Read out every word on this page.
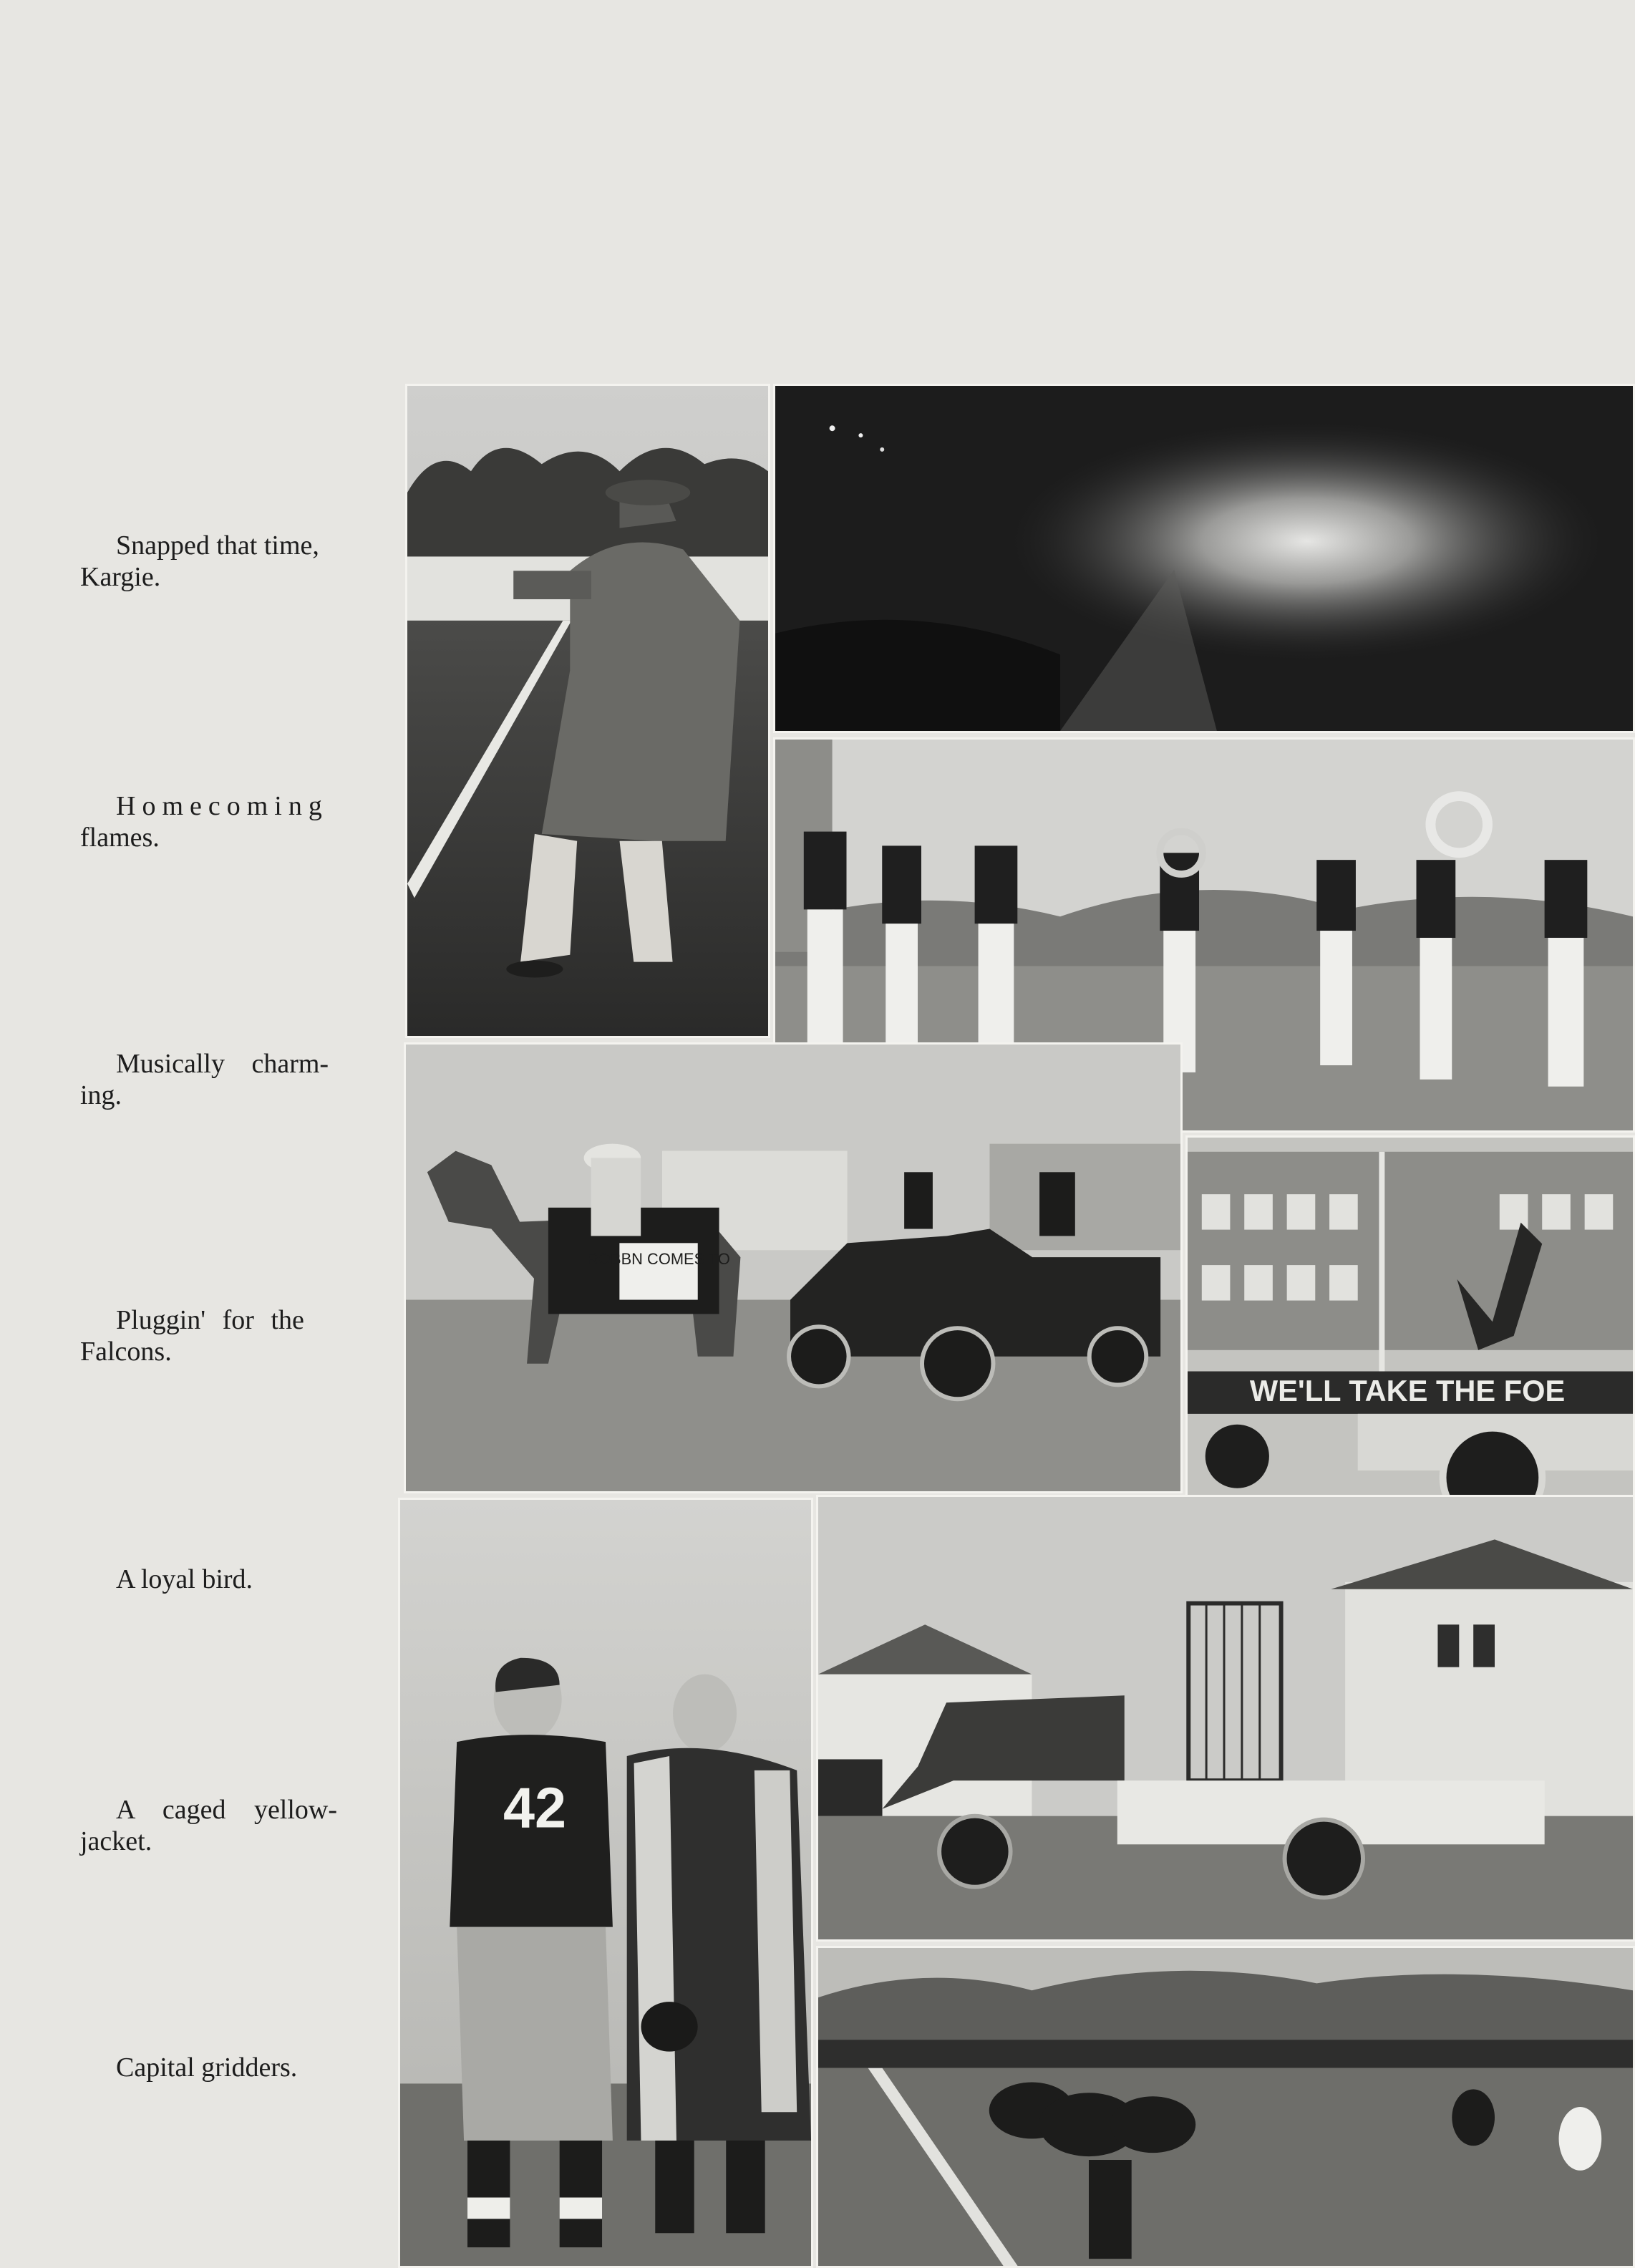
Snapped that time,
Kargie.
Homecoming
flames.
Musically charm-
ing.
Pluggin' for the
Falcons.
A loyal bird.
A caged yellow-
jacket.
Capital gridders.
ROBBN COMES TO
WE'LL TAKE THE FOE
42
